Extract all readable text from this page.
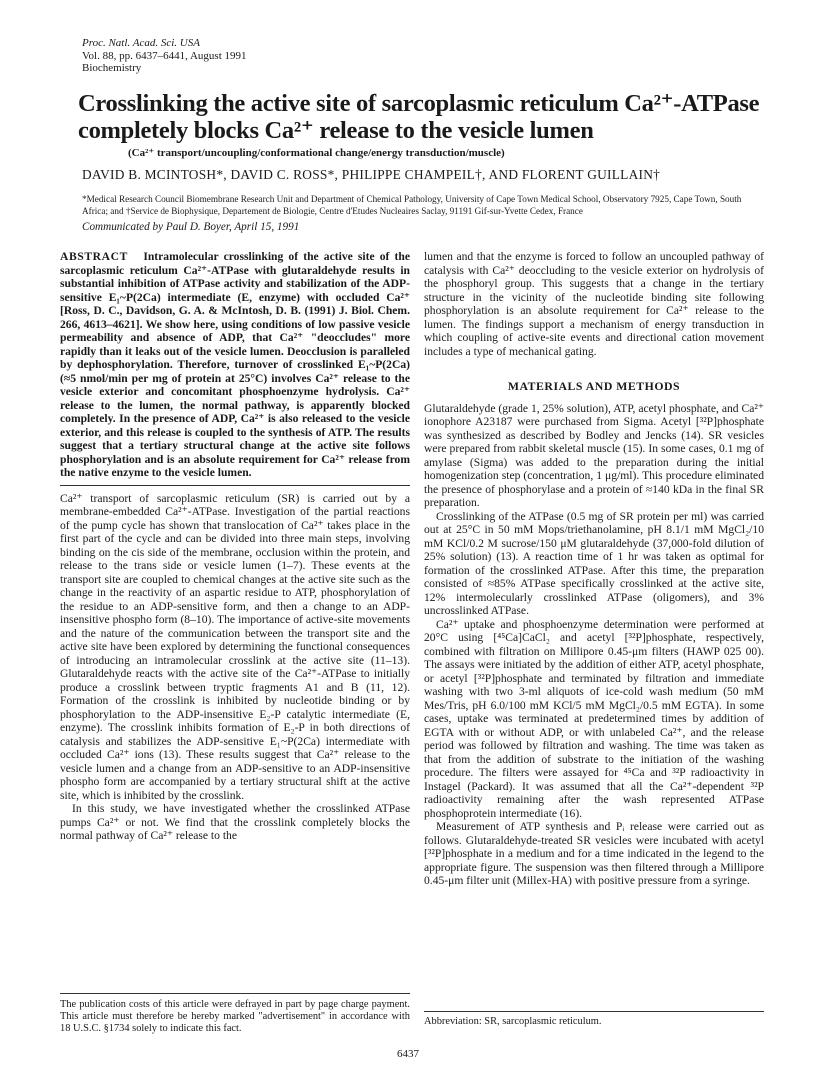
Proc. Natl. Acad. Sci. USA
Vol. 88, pp. 6437–6441, August 1991
Biochemistry
Crosslinking the active site of sarcoplasmic reticulum Ca²⁺-ATPase completely blocks Ca²⁺ release to the vesicle lumen
(Ca²⁺ transport/uncoupling/conformational change/energy transduction/muscle)
DAVID B. MCINTOSH*, DAVID C. ROSS*, PHILIPPE CHAMPEIL†, AND FLORENT GUILLAIN†
*Medical Research Council Biomembrane Research Unit and Department of Chemical Pathology, University of Cape Town Medical School, Observatory 7925, Cape Town, South Africa; and †Service de Biophysique, Departement de Biologie, Centre d'Etudes Nucleaires Saclay, 91191 Gif-sur-Yvette Cedex, France
Communicated by Paul D. Boyer, April 15, 1991

ABSTRACT Intramolecular crosslinking of the active site of the sarcoplasmic reticulum Ca²⁺-ATPase with glutaraldehyde results in substantial inhibition of ATPase activity and stabilization of the ADP-sensitive E₁~P(2Ca) intermediate (E, enzyme) with occluded Ca²⁺ [Ross, D. C., Davidson, G. A. & McIntosh, D. B. (1991) J. Biol. Chem. 266, 4613–4621]. We show here, using conditions of low passive vesicle permeability and absence of ADP, that Ca²⁺ "deoccludes" more rapidly than it leaks out of the vesicle lumen. Deocclusion is paralleled by dephosphorylation. Therefore, turnover of crosslinked E₁~P(2Ca) (≈5 nmol/min per mg of protein at 25°C) involves Ca²⁺ release to the vesicle exterior and concomitant phosphoenzyme hydrolysis. Ca²⁺ release to the lumen, the normal pathway, is apparently blocked completely. In the presence of ADP, Ca²⁺ is also released to the vesicle exterior, and this release is coupled to the synthesis of ATP. The results suggest that a tertiary structural change at the active site follows phosphorylation and is an absolute requirement for Ca²⁺ release from the native enzyme to the vesicle lumen.

Ca²⁺ transport of sarcoplasmic reticulum (SR) is carried out by a membrane-embedded Ca²⁺-ATPase. Investigation of the partial reactions of the pump cycle has shown that translocation of Ca²⁺ takes place in the first part of the cycle and can be divided into three main steps, involving binding on the cis side of the membrane, occlusion within the protein, and release to the trans side or vesicle lumen (1–7). These events at the transport site are coupled to chemical changes at the active site such as the change in the reactivity of an aspartic residue to ATP, phosphorylation of the residue to an ADP-sensitive form, and then a change to an ADP-insensitive phospho form (8–10). The importance of active-site movements and the nature of the communication between the transport site and the active site have been explored by determining the functional consequences of introducing an intramolecular crosslink at the active site (11–13). Glutaraldehyde reacts with the active site of the Ca²⁺-ATPase to initially produce a crosslink between tryptic fragments A1 and B (11, 12). Formation of the crosslink is inhibited by nucleotide binding or by phosphorylation to the ADP-insensitive E₂-P catalytic intermediate (E, enzyme). The crosslink inhibits formation of E₂-P in both directions of catalysis and stabilizes the ADP-sensitive E₁~P(2Ca) intermediate with occluded Ca²⁺ ions (13). These results suggest that Ca²⁺ release to the vesicle lumen and a change from an ADP-sensitive to an ADP-insensitive phospho form are accompanied by a tertiary structural shift at the active site, which is inhibited by the crosslink.

In this study, we have investigated whether the crosslinked ATPase pumps Ca²⁺ or not. We find that the crosslink completely blocks the normal pathway of Ca²⁺ release to the

lumen and that the enzyme is forced to follow an uncoupled pathway of catalysis with Ca²⁺ deoccluding to the vesicle exterior on hydrolysis of the phosphoryl group. This suggests that a change in the tertiary structure in the vicinity of the nucleotide binding site following phosphorylation is an absolute requirement for Ca²⁺ release to the lumen. The findings support a mechanism of energy transduction in which coupling of active-site events and directional cation movement includes a type of mechanical gating.

MATERIALS AND METHODS

Glutaraldehyde (grade 1, 25% solution), ATP, acetyl phosphate, and Ca²⁺ ionophore A23187 were purchased from Sigma. Acetyl [³²P]phosphate was synthesized as described by Bodley and Jencks (14). SR vesicles were prepared from rabbit skeletal muscle (15). In some cases, 0.1 mg of amylase (Sigma) was added to the preparation during the initial homogenization step (concentration, 1 μg/ml). This procedure eliminated the presence of phosphorylase and a protein of ≈140 kDa in the final SR preparation.

Crosslinking of the ATPase (0.5 mg of SR protein per ml) was carried out at 25°C in 50 mM Mops/triethanolamine, pH 8.1/1 mM MgCl₂/10 mM KCl/0.2 M sucrose/150 μM glutaraldehyde (37,000-fold dilution of 25% solution) (13). A reaction time of 1 hr was taken as optimal for formation of the crosslinked ATPase. After this time, the preparation consisted of ≈85% ATPase specifically crosslinked at the active site, 12% intermolecularly crosslinked ATPase (oligomers), and 3% uncrosslinked ATPase.

Ca²⁺ uptake and phosphoenzyme determination were performed at 20°C using [⁴⁵Ca]CaCl₂ and acetyl [³²P]phosphate, respectively, combined with filtration on Millipore 0.45-μm filters (HAWP 025 00). The assays were initiated by the addition of either ATP, acetyl phosphate, or acetyl [³²P]phosphate and terminated by filtration and immediate washing with two 3-ml aliquots of ice-cold wash medium (50 mM Mes/Tris, pH 6.0/100 mM KCl/5 mM MgCl₂/0.5 mM EGTA). In some cases, uptake was terminated at predetermined times by addition of EGTA with or without ADP, or with unlabeled Ca²⁺, and the release period was followed by filtration and washing. The time was taken as that from the addition of substrate to the initiation of the washing procedure. The filters were assayed for ⁴⁵Ca and ³²P radioactivity in Instagel (Packard). It was assumed that all the Ca²⁺-dependent ³²P radioactivity remaining after the wash represented ATPase phosphoprotein intermediate (16).

Measurement of ATP synthesis and Pᵢ release were carried out as follows. Glutaraldehyde-treated SR vesicles were incubated with acetyl [³²P]phosphate in a medium and for a time indicated in the legend to the appropriate figure. The suspension was then filtered through a Millipore 0.45-μm filter unit (Millex-HA) with positive pressure from a syringe.

The publication costs of this article were defrayed in part by page charge payment. This article must therefore be hereby marked "advertisement" in accordance with 18 U.S.C. §1734 solely to indicate this fact.
Abbreviation: SR, sarcoplasmic reticulum.
6437
